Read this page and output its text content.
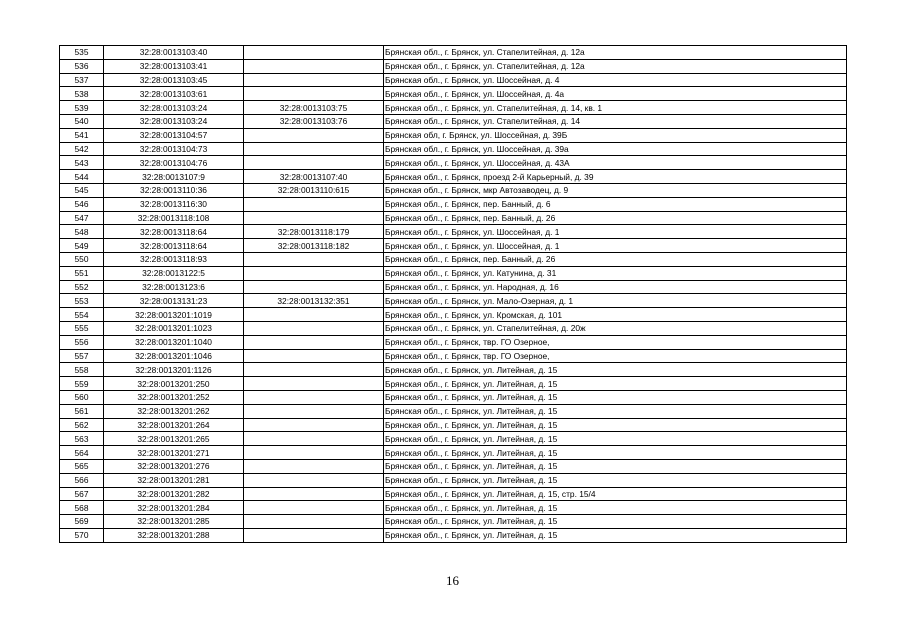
535	32:28:0013103:40		Брянская обл., г. Брянск, ул. Стапелитейная, д. 12а
536	32:28:0013103:41		Брянская обл., г. Брянск, ул. Стапелитейная, д. 12а
537	32:28:0013103:45		Брянская обл., г. Брянск, ул. Шоссейная, д. 4
538	32:28:0013103:61		Брянская обл., г. Брянск, ул. Шоссейная, д. 4а
539	32:28:0013103:24	32:28:0013103:75	Брянская обл., г. Брянск, ул. Стапелитейная, д. 14, кв. 1
540	32:28:0013103:24	32:28:0013103:76	Брянская обл., г. Брянск, ул. Стапелитейная, д. 14
541	32:28:0013104:57		Брянская обл, г. Брянск, ул. Шоссейная, д. 39Б
542	32:28:0013104:73		Брянская обл., г. Брянск, ул. Шоссейная, д. 39а
543	32:28:0013104:76		Брянская обл., г. Брянск, ул. Шоссейная, д. 43А
544	32:28:0013107:9	32:28:0013107:40	Брянская обл., г. Брянск, проезд 2-й Карьерный, д. 39
545	32:28:0013110:36	32:28:0013110:615	Брянская обл., г. Брянск, мкр Автозаводец, д. 9
546	32:28:0013116:30		Брянская обл., г. Брянск, пер. Банный, д. 6
547	32:28:0013118:108		Брянская обл., г. Брянск, пер. Банный, д. 26
548	32:28:0013118:64	32:28:0013118:179	Брянская обл., г. Брянск, ул. Шоссейная, д. 1
549	32:28:0013118:64	32:28:0013118:182	Брянская обл., г. Брянск, ул. Шоссейная, д. 1
550	32:28:0013118:93		Брянская обл., г. Брянск, пер. Банный, д. 26
551	32:28:0013122:5		Брянская обл., г. Брянск, ул. Катунина, д. 31
552	32:28:0013123:6		Брянская обл., г. Брянск, ул. Народная, д. 16
553	32:28:0013131:23	32:28:0013132:351	Брянская обл., г. Брянск, ул. Мало-Озерная, д. 1
554	32:28:0013201:1019		Брянская обл., г. Брянск, ул. Кромская, д. 101
555	32:28:0013201:1023		Брянская обл., г. Брянск, ул. Стапелитейная, д. 20ж
556	32:28:0013201:1040		Брянская обл., г. Брянск, твр. ГО Озерное,
557	32:28:0013201:1046		Брянская обл., г. Брянск, твр. ГО Озерное,
558	32:28:0013201:1126		Брянская обл., г. Брянск, ул. Литейная, д. 15
559	32:28:0013201:250		Брянская обл., г. Брянск, ул. Литейная, д. 15
560	32:28:0013201:252		Брянская обл., г. Брянск, ул. Литейная, д. 15
561	32:28:0013201:262		Брянская обл., г. Брянск, ул. Литейная, д. 15
562	32:28:0013201:264		Брянская обл., г. Брянск, ул. Литейная, д. 15
563	32:28:0013201:265		Брянская обл., г. Брянск, ул. Литейная, д. 15
564	32:28:0013201:271		Брянская обл., г. Брянск, ул. Литейная, д. 15
565	32:28:0013201:276		Брянская обл., г. Брянск, ул. Литейная, д. 15
566	32:28:0013201:281		Брянская обл., г. Брянск, ул. Литейная, д. 15
567	32:28:0013201:282		Брянская обл., г. Брянск, ул. Литейная, д. 15, стр. 15/4
568	32:28:0013201:284		Брянская обл., г. Брянск, ул. Литейная, д. 15
569	32:28:0013201:285		Брянская обл., г. Брянск, ул. Литейная, д. 15
570	32:28:0013201:288		Брянская обл., г. Брянск, ул. Литейная, д. 15
16
